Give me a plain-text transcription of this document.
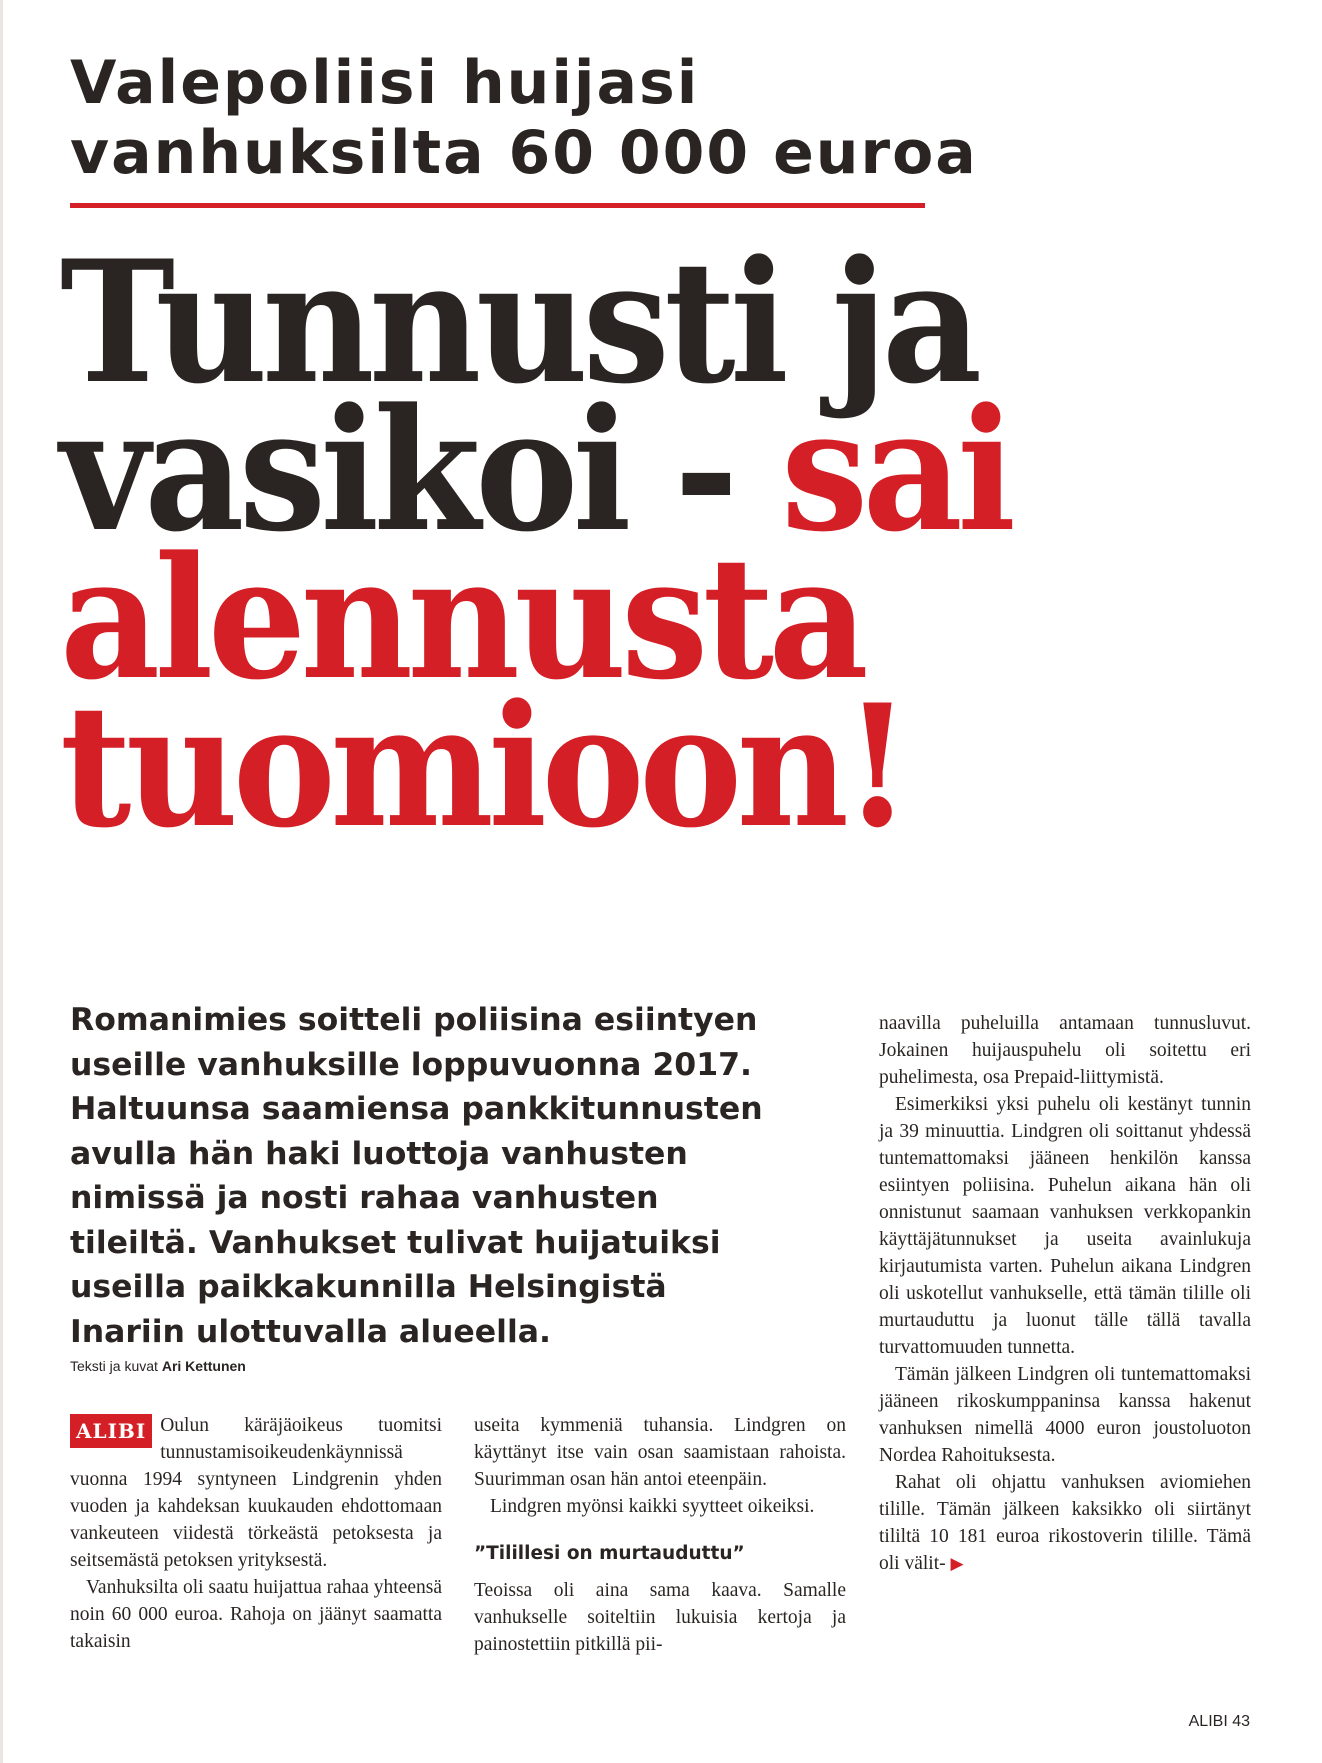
Valepoliisi huijasi
vanhuksilta 60 000 euroa
Tunnusti ja
vasikoi - sai
alennusta
tuomioon!
Romanimies soitteli poliisina esiintyen
useille vanhuksille loppuvuonna 2017.
Haltuunsa saamiensa pankkitunnusten
avulla hän haki luottoja vanhusten
nimissä ja nosti rahaa vanhusten
tileiltä. Vanhukset tulivat huijatuiksi
useilla paikkakunnilla Helsingistä
Inariin ulottuvalla alueella.
Teksti ja kuvat Ari Kettunen

ALIBI Oulun käräjäoikeus tuomitsi tunnustamisoikeudenkäynnissä vuonna 1994 syntyneen Lindgrenin yhden vuoden ja kahdeksan kuukauden ehdottomaan vankeuteen viidestä törkeästä petoksesta ja seitsemästä petoksen yrityksestä.

Vanhuksilta oli saatu huijattua rahaa yhteensä noin 60 000 euroa. Rahoja on jäänyt saamatta takaisin

useita kymmeniä tuhansia. Lindgren on käyttänyt itse vain osan saamistaan rahoista. Suurimman osan hän antoi eteenpäin.

Lindgren myönsi kaikki syytteet oikeiksi.

”Tilillesi on murtauduttu”

Teoissa oli aina sama kaava. Samalle vanhukselle soiteltiin lukuisia kertoja ja painostettiin pitkillä pii-

naavilla puheluilla antamaan tunnusluvut. Jokainen huijauspuhelu oli soitettu eri puhelimesta, osa Prepaid-liittymistä.

Esimerkiksi yksi puhelu oli kestänyt tunnin ja 39 minuuttia. Lindgren oli soittanut yhdessä tuntemattomaksi jääneen henkilön kanssa esiintyen poliisina. Puhelun aikana hän oli onnistunut saamaan vanhuksen verkkopankin käyttäjätunnukset ja useita avainlukuja kirjautumista varten. Puhelun aikana Lindgren oli uskotellut vanhukselle, että tämän tilille oli murtauduttu ja luonut tälle tällä tavalla turvattomuuden tunnetta.

Tämän jälkeen Lindgren oli tuntemattomaksi jääneen rikoskumppaninsa kanssa hakenut vanhuksen nimellä 4000 euron joustoluoton Nordea Rahoituksesta.

Rahat oli ohjattu vanhuksen aviomiehen tilille. Tämän jälkeen kaksikko oli siirtänyt tililtä 10 181 euroa rikostoverin tilille. Tämä oli välit- ▶

ALIBI 43
